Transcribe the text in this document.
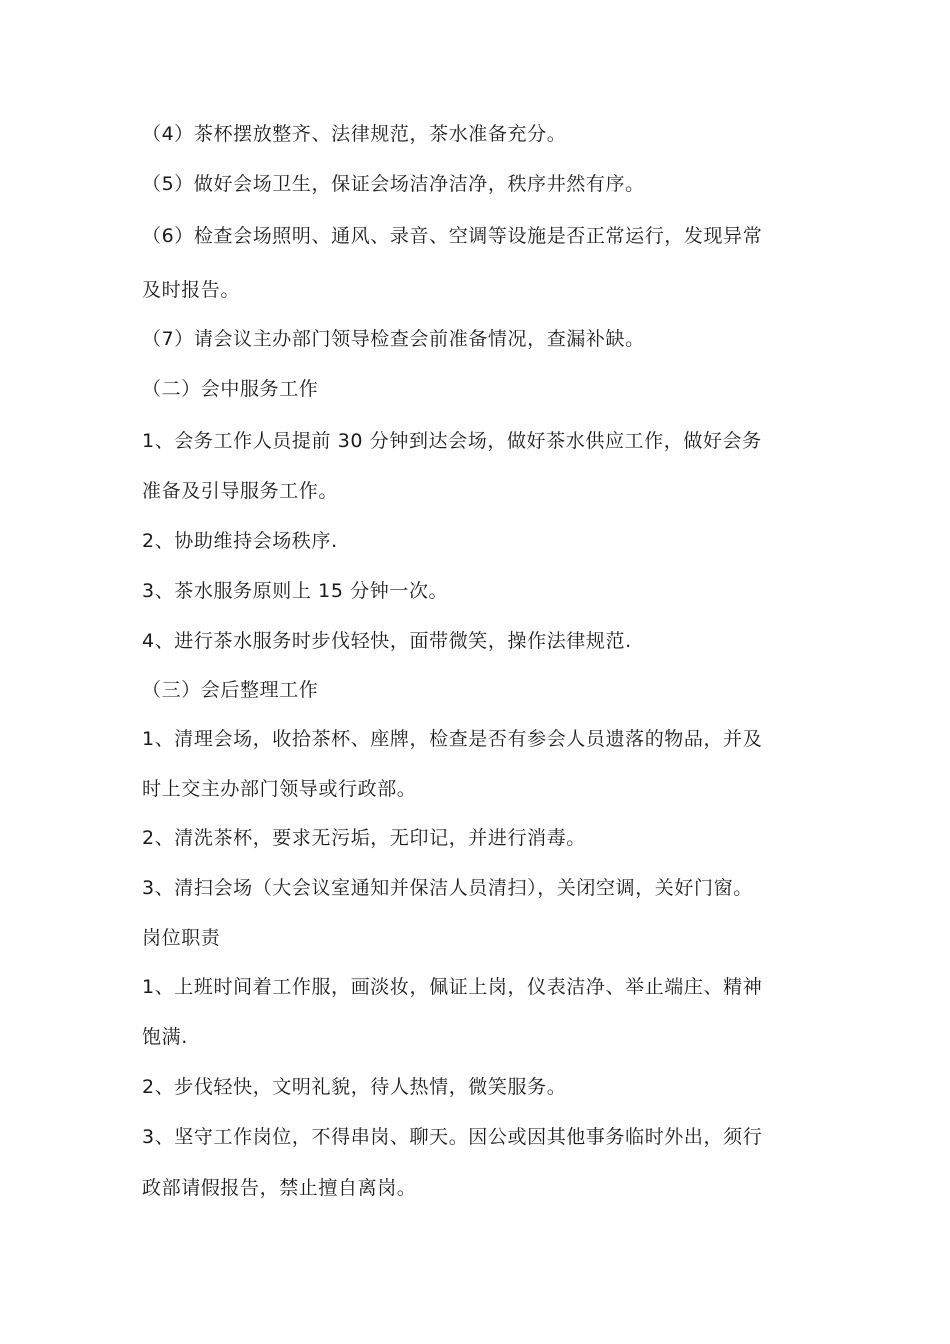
（4）茶杯摆放整齐、法律规范，茶水准备充分。
（5）做好会场卫生，保证会场洁净洁净，秩序井然有序。
（6）检查会场照明、通风、录音、空调等设施是否正常运行，发现异常
及时报告。
（7）请会议主办部门领导检查会前准备情况，查漏补缺。
（二）会中服务工作
1、会务工作人员提前 30 分钟到达会场，做好茶水供应工作，做好会务
准备及引导服务工作。
2、协助维持会场秩序.
3、茶水服务原则上 15 分钟一次。
4、进行茶水服务时步伐轻快，面带微笑，操作法律规范.
（三）会后整理工作
1、清理会场，收拾茶杯、座牌，检查是否有参会人员遗落的物品，并及
时上交主办部门领导或行政部。
2、清洗茶杯，要求无污垢，无印记，并进行消毒。
3、清扫会场（大会议室通知并保洁人员清扫），关闭空调，关好门窗。
岗位职责
1、上班时间着工作服，画淡妆，佩证上岗，仪表洁净、举止端庄、精神
饱满.
2、步伐轻快，文明礼貌，待人热情，微笑服务。
3、坚守工作岗位，不得串岗、聊天。因公或因其他事务临时外出，须行
政部请假报告，禁止擅自离岗。
